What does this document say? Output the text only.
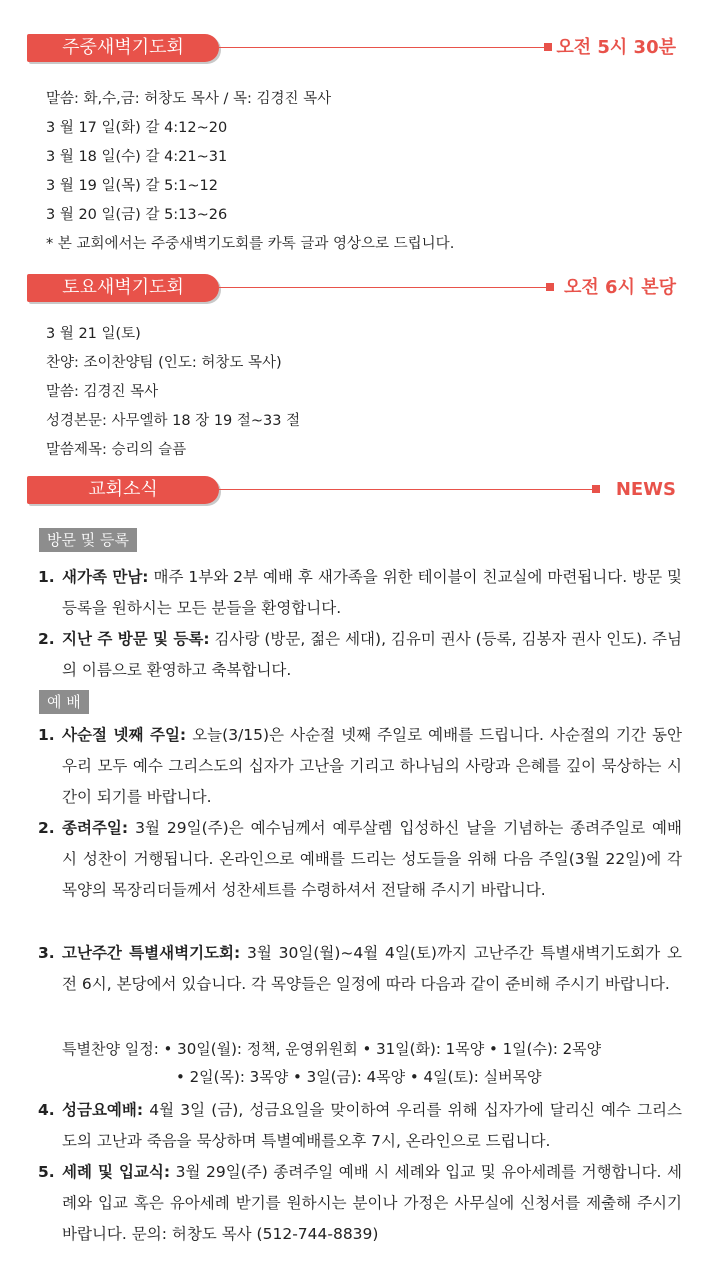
주중새벽기도회	오전 5시 30분
말씀: 화,수,금: 허창도 목사 / 목: 김경진 목사
3 월 17 일(화) 갈 4:12~20
3 월 18 일(수) 갈 4:21~31
3 월 19 일(목) 갈 5:1~12
3 월 20 일(금) 갈 5:13~26
* 본 교회에서는 주중새벽기도회를 카톡 글과 영상으로 드립니다.
토요새벽기도회	오전 6시 본당
3 월 21 일(토)
찬양: 조이찬양팀 (인도: 허창도 목사)
말씀: 김경진 목사
성경본문: 사무엘하 18 장 19 절~33 절
말씀제목: 승리의 슬픔
교회소식	NEWS
방문 및 등록
1. 새가족 만남: 매주 1부와 2부 예배 후 새가족을 위한 테이블이 친교실에 마련됩니다. 방문 및 등록을 원하시는 모든 분들을 환영합니다.
2. 지난 주 방문 및 등록: 김사랑 (방문, 젊은 세대), 김유미 권사 (등록, 김봉자 권사 인도). 주님의 이름으로 환영하고 축복합니다.
예 배
1. 사순절 넷째 주일: 오늘(3/15)은 사순절 넷째 주일로 예배를 드립니다. 사순절의 기간 동안 우리 모두 예수 그리스도의 십자가 고난을 기리고 하나님의 사랑과 은혜를 깊이 묵상하는 시간이 되기를 바랍니다.
2. 종려주일: 3월 29일(주)은 예수님께서 예루살렘 입성하신 날을 기념하는 종려주일로 예배 시 성찬이 거행됩니다. 온라인으로 예배를 드리는 성도들을 위해 다음 주일(3월 22일)에 각 목양의 목장리더들께서 성찬세트를 수령하셔서 전달해 주시기 바랍니다.
3. 고난주간 특별새벽기도회: 3월 30일(월)~4월 4일(토)까지 고난주간 특별새벽기도회가 오전 6시, 본당에서 있습니다. 각 목양들은 일정에 따라 다음과 같이 준비해 주시기 바랍니다.
특별찬양 일정: • 30일(월): 정책, 운영위원회 • 31일(화): 1목양 • 1일(수): 2목양
• 2일(목): 3목양 • 3일(금): 4목양 • 4일(토): 실버목양
4. 성금요예배: 4월 3일 (금), 성금요일을 맞이하여 우리를 위해 십자가에 달리신 예수 그리스도의 고난과 죽음을 묵상하며 특별예배를오후 7시, 온라인으로 드립니다.
5. 세례 및 입교식: 3월 29일(주) 종려주일 예배 시 세례와 입교 및 유아세례를 거행합니다. 세례와 입교 혹은 유아세례 받기를 원하시는 분이나 가정은 사무실에 신청서를 제출해 주시기 바랍니다. 문의: 허창도 목사 (512-744-8839)
